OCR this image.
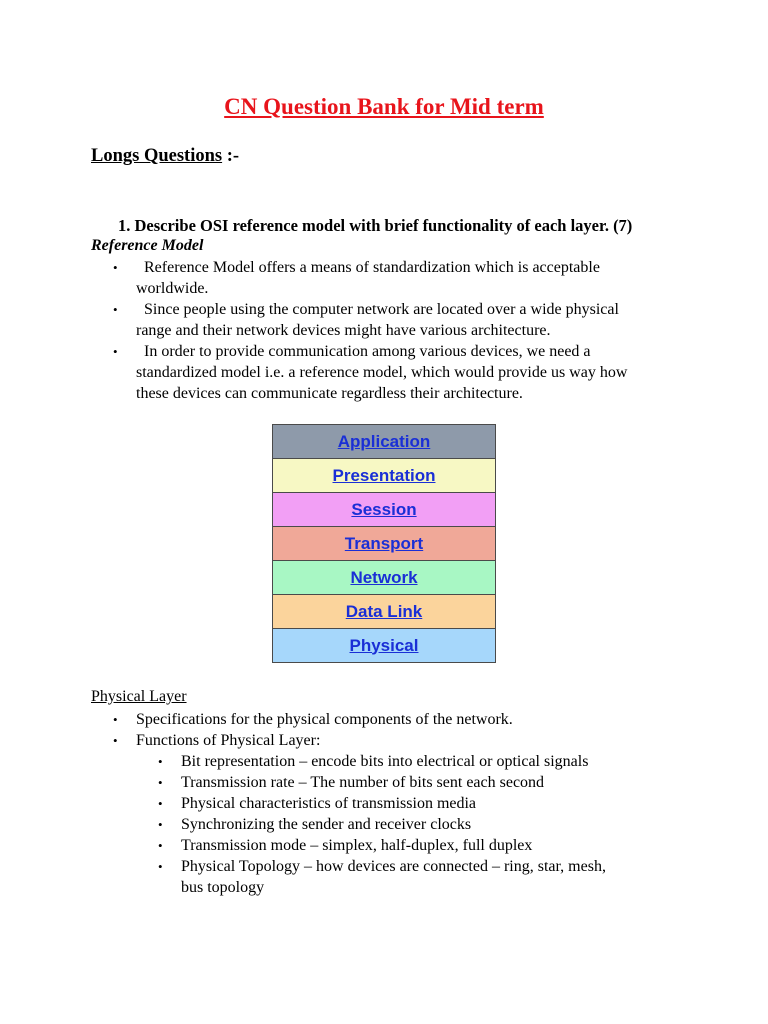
CN Question Bank for Mid term
Longs Questions :-
1. Describe OSI reference model with brief functionality of each layer. (7)
Reference Model
• Reference Model offers a means of standardization which is acceptable
worldwide.
• Since people using the computer network are located over a wide physical
range and their network devices might have various architecture.
• In order to provide communication among various devices, we need a
standardized model i.e. a reference model, which would provide us way how
these devices can communicate regardless their architecture.
Application
Presentation
Session
Transport
Network
Data Link
Physical
Physical Layer
• Specifications for the physical components of the network.
• Functions of Physical Layer:
• Bit representation – encode bits into electrical or optical signals
• Transmission rate – The number of bits sent each second
• Physical characteristics of transmission media
• Synchronizing the sender and receiver clocks
• Transmission mode – simplex, half-duplex, full duplex
• Physical Topology – how devices are connected – ring, star, mesh,
bus topology
